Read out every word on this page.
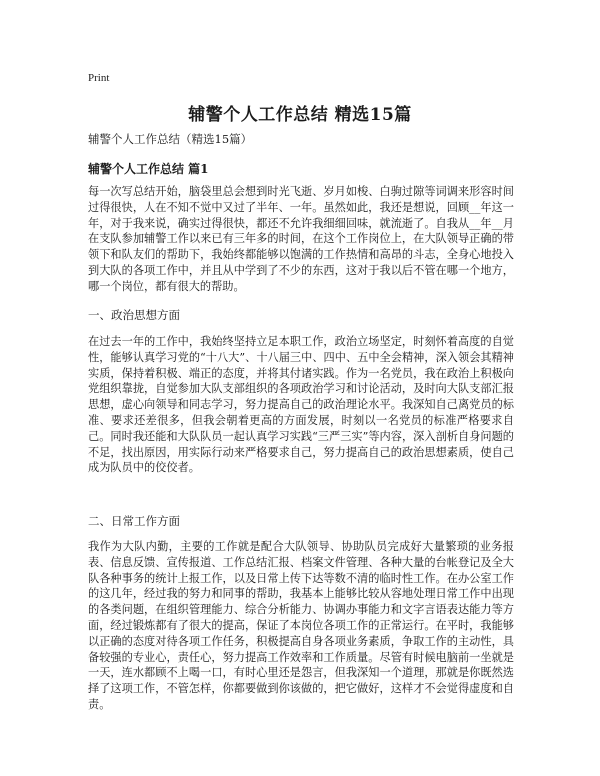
Print
辅警个人工作总结 精选15篇

辅警个人工作总结（精选15篇）

辅警个人工作总结 篇1

每一次写总结开始，脑袋里总会想到时光飞逝、岁月如梭、白驹过隙等词调来形容时间过得很快，人在不知不觉中又过了半年、一年。虽然如此，我还是想说，回顾__年这一年，对于我来说，确实过得很快，都还不允许我细细回味，就流逝了。自我从__年__月在支队参加辅警工作以来已有三年多的时间，在这个工作岗位上，在大队领导正确的带领下和队友们的帮助下，我始终都能够以饱满的工作热情和高昂的斗志，全身心地投入到大队的各项工作中，并且从中学到了不少的东西，这对于我以后不管在哪一个地方，哪一个岗位，都有很大的帮助。

一、政治思想方面

在过去一年的工作中，我始终坚持立足本职工作，政治立场坚定，时刻怀着高度的自觉性，能够认真学习党的“十八大”、十八届三中、四中、五中全会精神，深入领会其精神实质，保持着积极、端正的态度，并将其付诸实践。作为一名党员，我在政治上积极向党组织靠拢，自觉参加大队支部组织的各项政治学习和讨论活动，及时向大队支部汇报思想，虚心向领导和同志学习，努力提高自己的政治理论水平。我深知自己离党员的标准、要求还差很多，但我会朝着更高的方面发展，时刻以一名党员的标准严格要求自己。同时我还能和大队队员一起认真学习实践“三严三实”等内容，深入剖析自身问题的不足，找出原因，用实际行动来严格要求自己，努力提高自己的政治思想素质，使自己成为队员中的佼佼者。

二、日常工作方面

我作为大队内勤，主要的工作就是配合大队领导、协助队员完成好大量繁琐的业务报表、信息反馈、宣传报道、工作总结汇报、档案文件管理、各种大量的台帐登记及全大队各种事务的统计上报工作，以及日常上传下达等数不清的临时性工作。在办公室工作的这几年，经过我的努力和同事的帮助，我基本上能够比较从容地处理日常工作中出现的各类问题，在组织管理能力、综合分析能力、协调办事能力和文字言语表达能力等方面，经过锻炼都有了很大的提高，保证了本岗位各项工作的正常运行。在平时，我能够以正确的态度对待各项工作任务，积极提高自身各项业务素质，争取工作的主动性，具备较强的专业心，责任心，努力提高工作效率和工作质量。尽管有时候电脑前一坐就是一天，连水都顾不上喝一口，有时心里还是怨言，但我深知一个道理，那就是你既然选择了这项工作，不管怎样，你都要做到你该做的，把它做好，这样才不会觉得虚度和自责。
